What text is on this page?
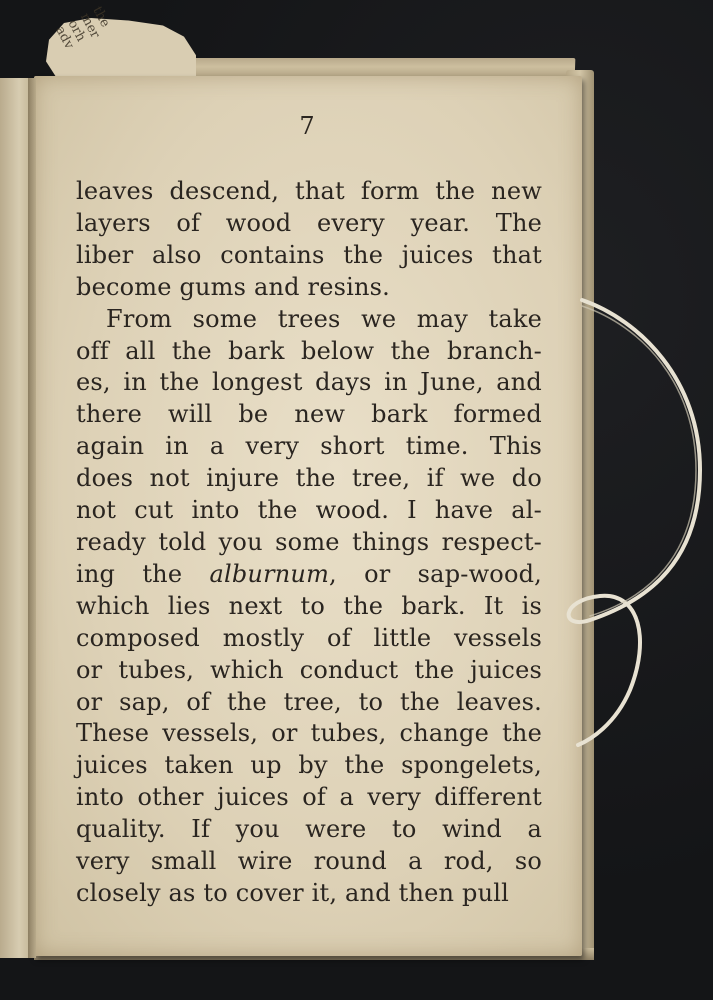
the
mer
orh
adv
7
leaves descend, that form the new
layers of wood every year. The
liber also contains the juices that
become gums and resins.
From some trees we may take
off all the bark below the branch-
es, in the longest days in June, and
there will be new bark formed
again in a very short time. This
does not injure the tree, if we do
not cut into the wood. I have al-
ready told you some things respect-
ing the alburnum, or sap-wood,
which lies next to the bark. It is
composed mostly of little vessels
or tubes, which conduct the juices
or sap, of the tree, to the leaves.
These vessels, or tubes, change the
juices taken up by the spongelets,
into other juices of a very different
quality. If you were to wind a
very small wire round a rod, so
closely as to cover it, and then pull
